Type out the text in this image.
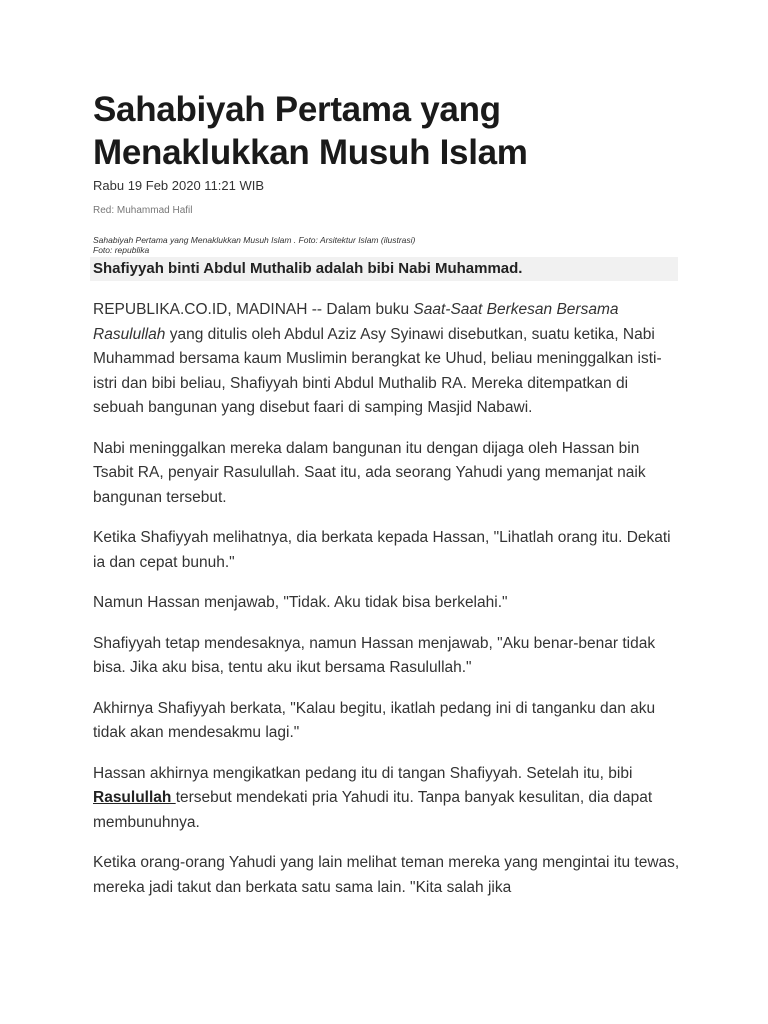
Sahabiyah Pertama yang
Menaklukkan Musuh Islam
Rabu 19 Feb 2020 11:21 WIB
Red: Muhammad Hafil
Sahabiyah Pertama yang Menaklukkan Musuh Islam . Foto: Arsitektur Islam (ilustrasi)
Foto: republika
Shafiyyah binti Abdul Muthalib adalah bibi Nabi Muhammad.

REPUBLIKA.CO.ID, MADINAH -- Dalam buku Saat-Saat Berkesan Bersama Rasulullah yang ditulis oleh Abdul Aziz Asy Syinawi disebutkan, suatu ketika, Nabi Muhammad bersama kaum Muslimin berangkat ke Uhud, beliau meninggalkan isti-istri dan bibi beliau, Shafiyyah binti Abdul Muthalib RA. Mereka ditempatkan di sebuah bangunan yang disebut faari di samping Masjid Nabawi.

Nabi meninggalkan mereka dalam bangunan itu dengan dijaga oleh Hassan bin Tsabit RA, penyair Rasulullah. Saat itu, ada seorang Yahudi yang memanjat naik bangunan tersebut.

Ketika Shafiyyah melihatnya, dia berkata kepada Hassan, "Lihatlah orang itu. Dekati ia dan cepat bunuh."

Namun Hassan menjawab, "Tidak. Aku tidak bisa berkelahi."

Shafiyyah tetap mendesaknya, namun Hassan menjawab, "Aku benar-benar tidak bisa. Jika aku bisa, tentu aku ikut bersama Rasulullah."

Akhirnya Shafiyyah berkata, "Kalau begitu, ikatlah pedang ini di tanganku dan aku tidak akan mendesakmu lagi."

Hassan akhirnya mengikatkan pedang itu di tangan Shafiyyah. Setelah itu, bibi Rasulullah tersebut mendekati pria Yahudi itu. Tanpa banyak kesulitan, dia dapat membunuhnya.

Ketika orang-orang Yahudi yang lain melihat teman mereka yang mengintai itu tewas, mereka jadi takut dan berkata satu sama lain. "Kita salah jika
